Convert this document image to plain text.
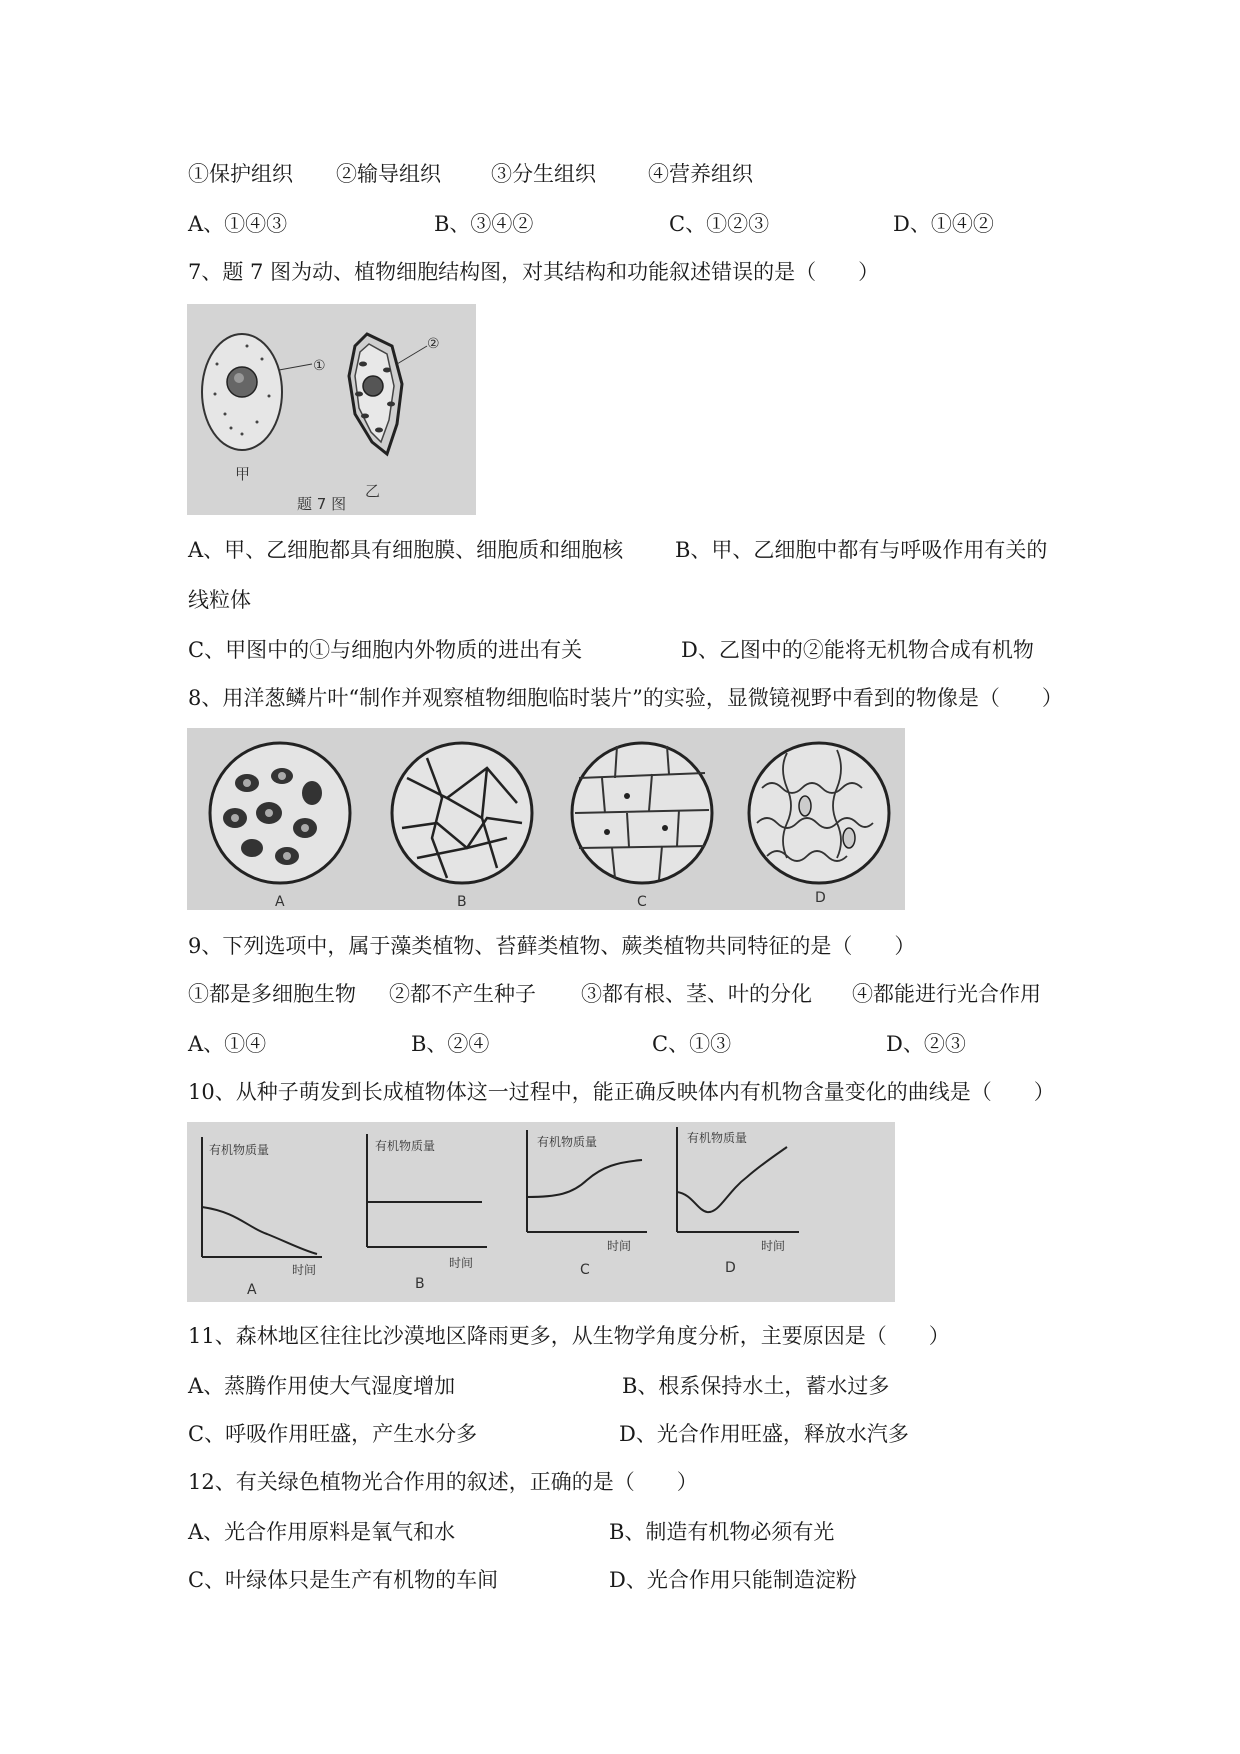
①保护组织 ②输导组织 ③分生组织 ④营养组织
A、①④③	B、③④②	C、①②③	D、①④②
7、题 7 图为动、植物细胞结构图，对其结构和功能叙述错误的是（　　）
①
甲
②
乙
题 7 图
A、甲、乙细胞都具有细胞膜、细胞质和细胞核 B、甲、乙细胞中都有与呼吸作用有关的
线粒体
C、甲图中的①与细胞内外物质的进出有关	D、乙图中的②能将无机物合成有机物
8、用洋葱鳞片叶“制作并观察植物细胞临时装片”的实验，显微镜视野中看到的物像是（　　）
A	B	C	D
9、下列选项中，属于藻类植物、苔藓类植物、蕨类植物共同特征的是（　　）
①都是多细胞生物 ②都不产生种子 ③都有根、茎、叶的分化 ④都能进行光合作用
A、①④	B、②④	C、①③	D、②③
10、从种子萌发到长成植物体这一过程中，能正确反映体内有机物含量变化的曲线是（　　）
有机物质量
时间
A
有机物质量
时间
B
有机物质量
时间
C
有机物质量
时间
D
11、森林地区往往比沙漠地区降雨更多，从生物学角度分析，主要原因是（　　）
A、蒸腾作用使大气湿度增加	B、根系保持水土，蓄水过多
C、呼吸作用旺盛，产生水分多	D、光合作用旺盛，释放水汽多
12、有关绿色植物光合作用的叙述，正确的是（　　）
A、光合作用原料是氧气和水	B、制造有机物必须有光
C、叶绿体只是生产有机物的车间	D、光合作用只能制造淀粉
